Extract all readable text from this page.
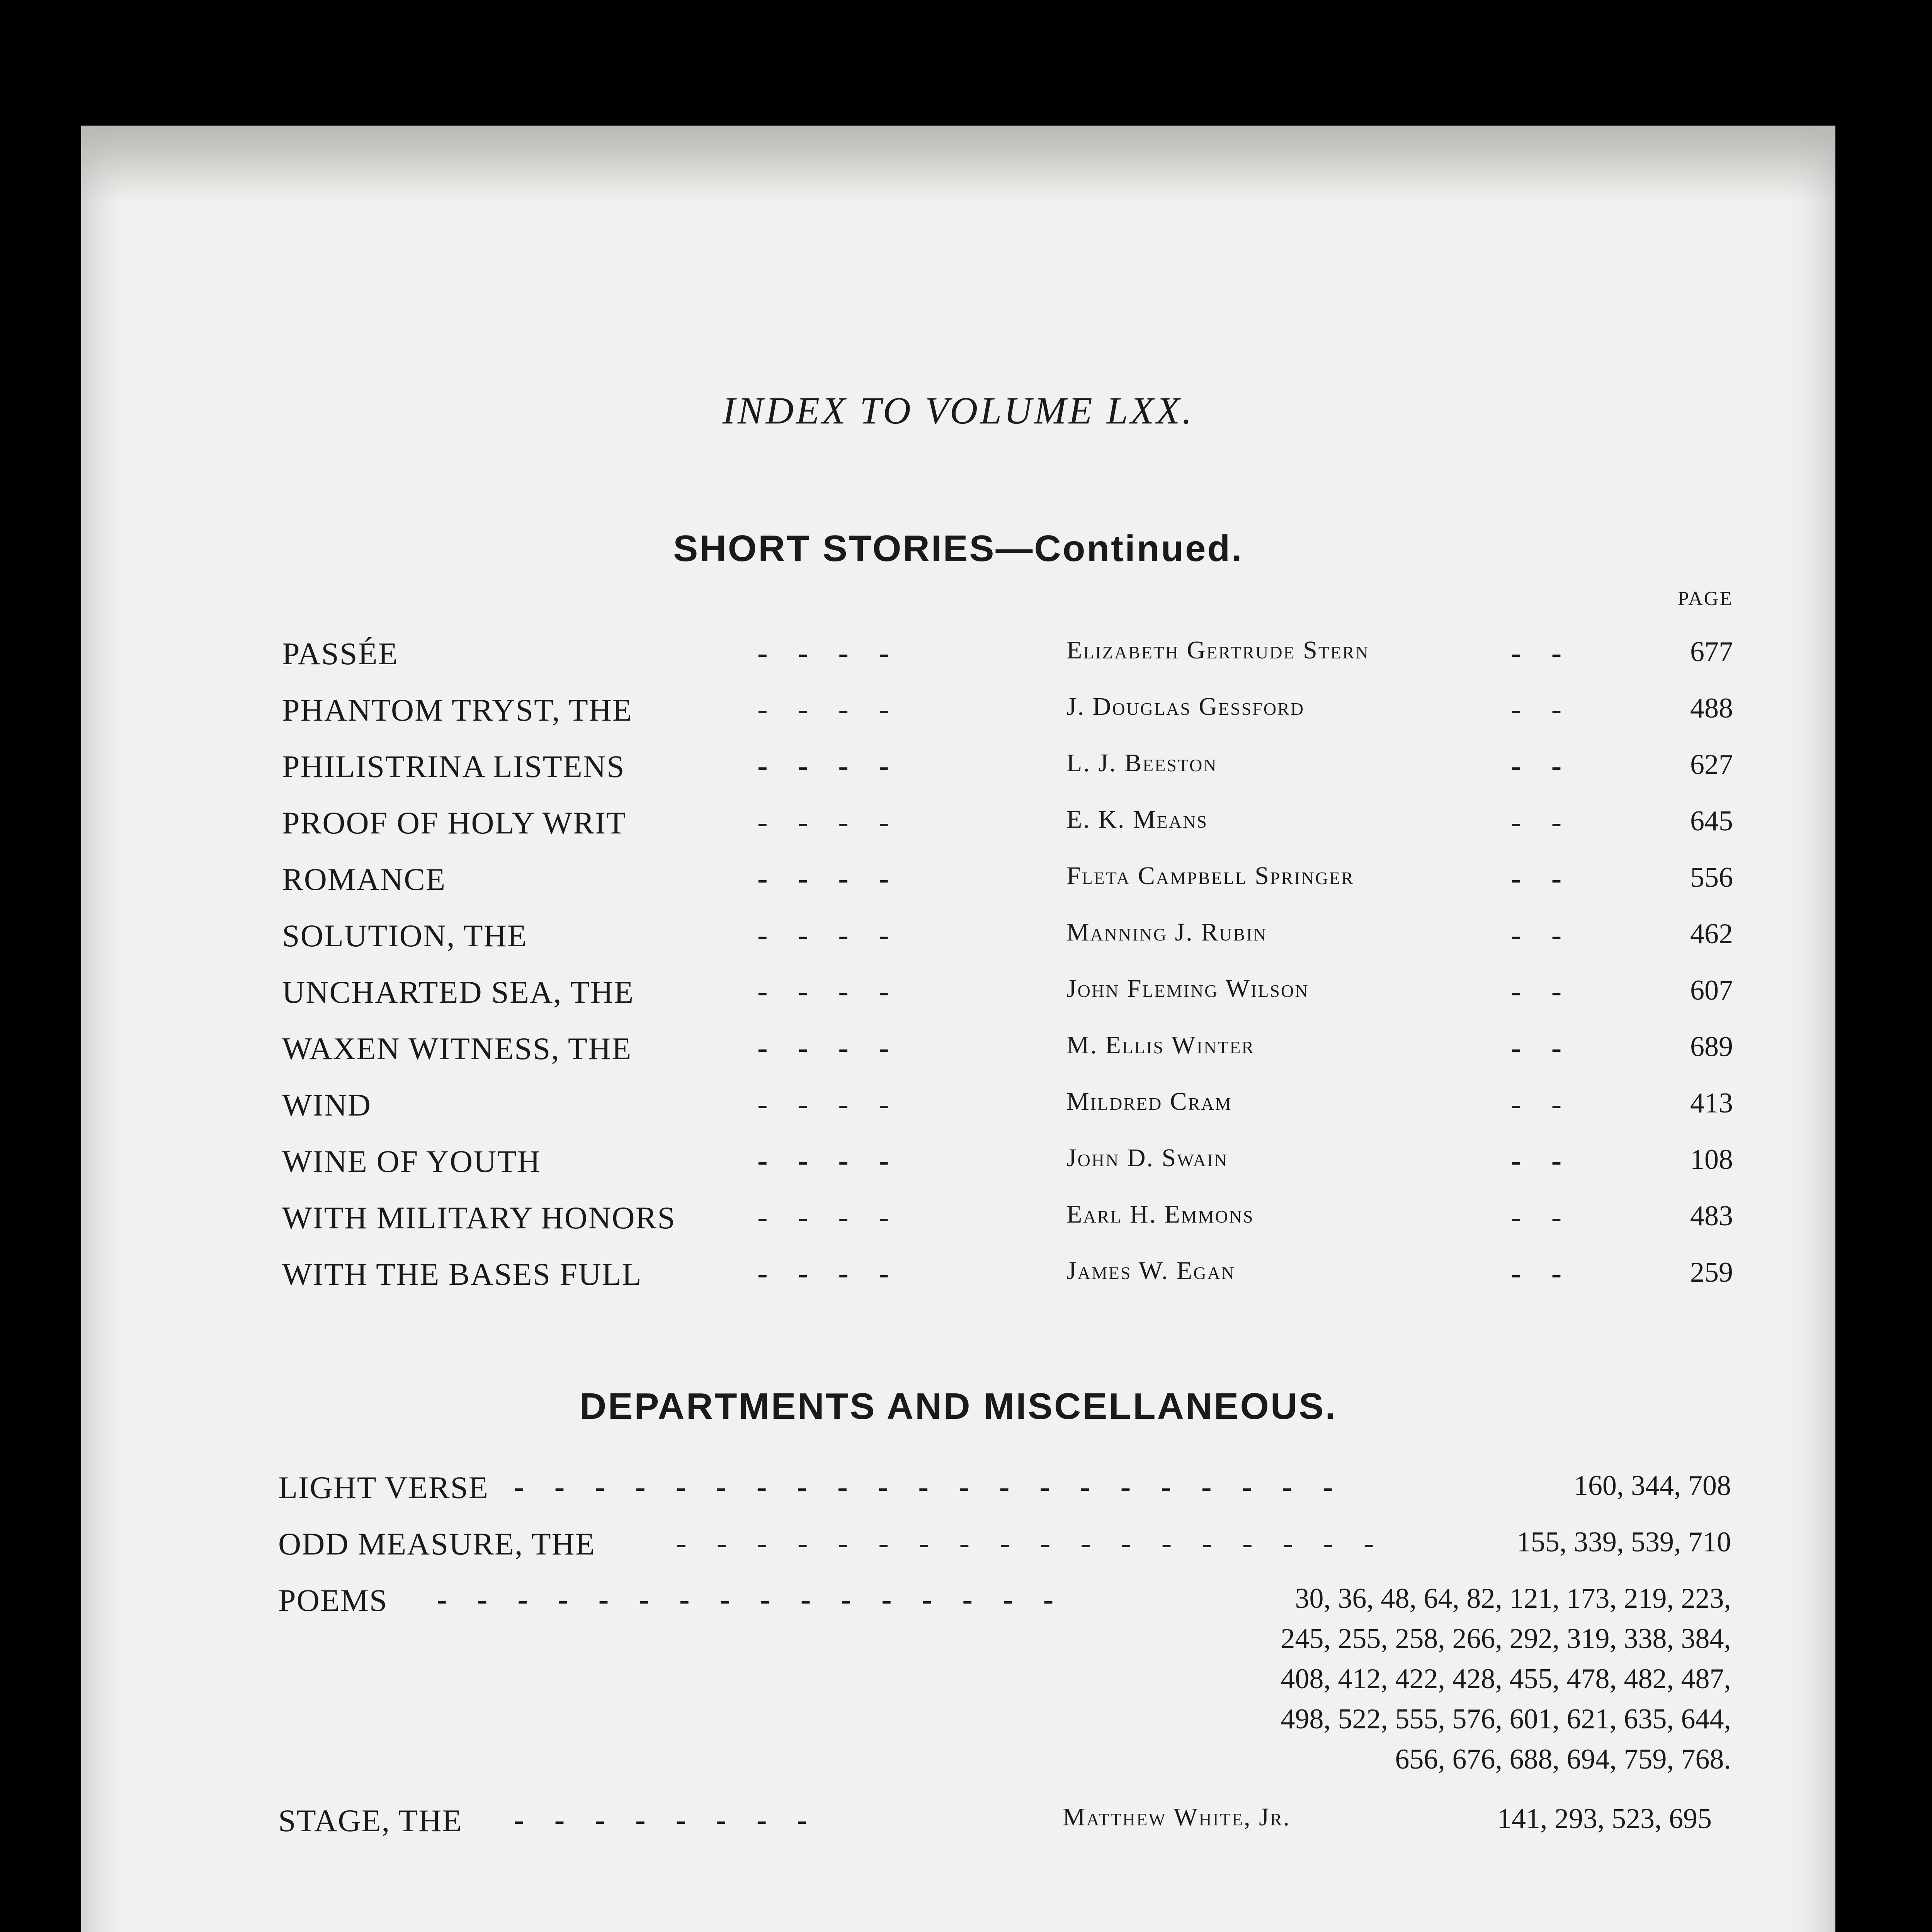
INDEX TO VOLUME LXX.
SHORT STORIES—Continued.
PAGE
PASSÉE	- - - -	Elizabeth Gertrude Stern	- -	677
PHANTOM TRYST, THE	- - - -	J. Douglas Gessford	- -	488
PHILISTRINA LISTENS	- - - -	L. J. Beeston	- -	627
PROOF OF HOLY WRIT	- - - -	E. K. Means	- -	645
ROMANCE	- - - -	Fleta Campbell Springer	- -	556
SOLUTION, THE	- - - -	Manning J. Rubin	- -	462
UNCHARTED SEA, THE	- - - -	John Fleming Wilson	- -	607
WAXEN WITNESS, THE	- - - -	M. Ellis Winter	- -	689
WIND	- - - -	Mildred Cram	- -	413
WINE OF YOUTH	- - - -	John D. Swain	- -	108
WITH MILITARY HONORS	- - - -	Earl H. Emmons	- -	483
WITH THE BASES FULL	- - - -	James W. Egan	- -	259
DEPARTMENTS AND MISCELLANEOUS.
LIGHT VERSE - - - - - - - - - - - - - - - - - - - - -	160, 344, 708
ODD MEASURE, THE	- - - - - - - - - - - - - - - - - -	155, 339, 539, 710
POEMS - - - - - - - - - - - - - - - -	30, 36, 48, 64, 82, 121, 173, 219, 223,
245, 255, 258, 266, 292, 319, 338, 384,
408, 412, 422, 428, 455, 478, 482, 487,
498, 522, 555, 576, 601, 621, 635, 644,
656, 676, 688, 694, 759, 768.
STAGE, THE - - - - - - - -	Matthew White, Jr.	141, 293, 523, 695
